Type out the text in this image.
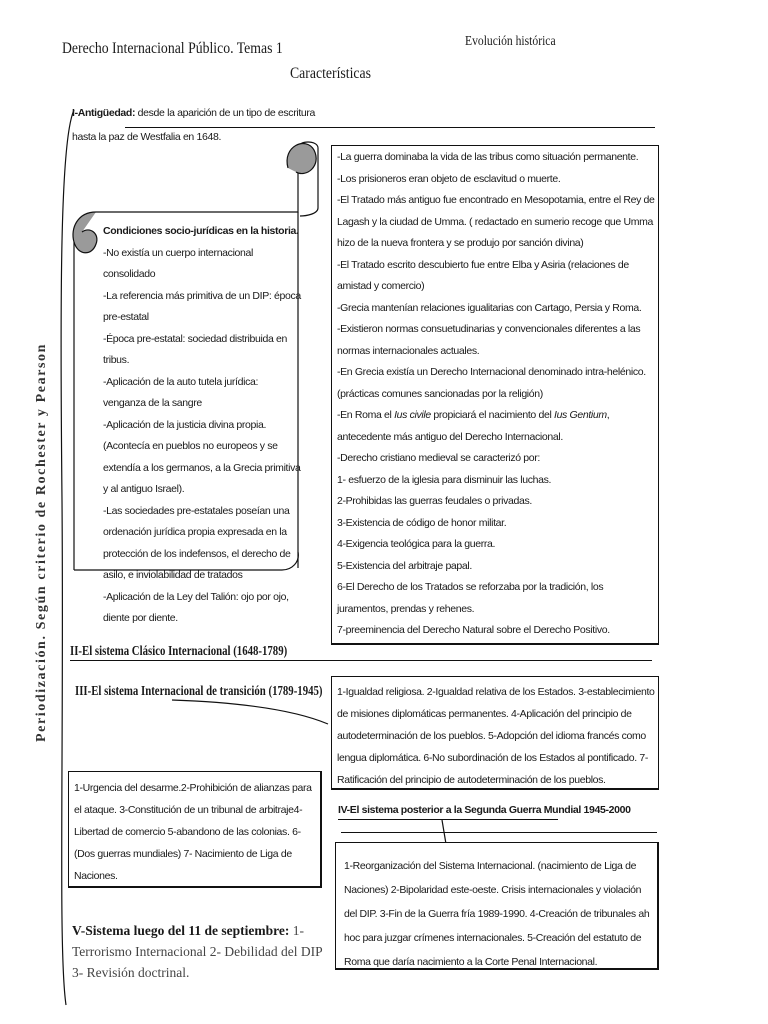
Derecho Internacional Público. Temas 1	Evolución histórica
Características
Periodización. Según criterio de Rochester y Pearson
I-Antigüedad: desde la aparición de un tipo de escritura hasta la paz de Westfalia en 1648.

Condiciones socio-jurídicas en la historia.

-No existía un cuerpo internacional consolidado

-La referencia más primitiva de un DIP: época pre-estatal

-Época pre-estatal: sociedad distribuida en tribus.

-Aplicación de la auto tutela jurídica: venganza de la sangre

-Aplicación de la justicia divina propia. (Acontecía en pueblos no europeos y se extendía a los germanos, a la Grecia primitiva y al antiguo Israel).

-Las sociedades pre-estatales poseían una ordenación jurídica propia expresada en la protección de los indefensos, el derecho de asilo, e inviolabilidad de tratados

-Aplicación de la Ley del Talión: ojo por ojo, diente por diente.

-La guerra dominaba la vida de las tribus como situación permanente.

-Los prisioneros eran objeto de esclavitud o muerte.

-El Tratado más antiguo fue encontrado en Mesopotamia, entre el Rey de Lagash y la ciudad de Umma. ( redactado en sumerio recoge que Umma hizo de la nueva frontera y se produjo por sanción divina)

-El Tratado escrito descubierto fue entre Elba y Asiria (relaciones de amistad y comercio)

-Grecia mantenían relaciones igualitarias con Cartago, Persia y Roma.

-Existieron normas consuetudinarias y convencionales diferentes a las normas internacionales actuales.

-En Grecia existía un Derecho Internacional denominado intra-helénico. (prácticas comunes sancionadas por la religión)

-En Roma el Ius civile propiciará el nacimiento del Ius Gentium, antecedente más antiguo del Derecho Internacional.

-Derecho cristiano medieval se caracterizó por:

1- esfuerzo de la iglesia para disminuir las luchas.

2-Prohibidas las guerras feudales o privadas.

3-Existencia de código de honor militar.

4-Exigencia teológica para la guerra.

5-Existencia del arbitraje papal.

6-El Derecho de los Tratados se reforzaba por la tradición, los juramentos, prendas y rehenes.

7-preeminencia del Derecho Natural sobre el Derecho Positivo.

II-El sistema Clásico Internacional (1648-1789)
III-El sistema Internacional de transición (1789-1945) 1-Igualdad religiosa. 2-Igualdad relativa de los Estados. 3-establecimiento de misiones diplomáticas permanentes. 4-Aplicación del principio de autodeterminación de los pueblos. 5-Adopción del idioma francés como lengua diplomática. 6-No subordinación de los Estados al pontificado. 7-Ratificación del principio de autodeterminación de los pueblos.
1-Urgencia del desarme.2-Prohibición de alianzas para el ataque. 3-Constitución de un tribunal de arbitraje4-Libertad de comercio 5-abandono de las colonias. 6- (Dos guerras mundiales) 7- Nacimiento de Liga de Naciones.
IV-El sistema posterior a la Segunda Guerra Mundial 1945-2000
1-Reorganización del Sistema Internacional. (nacimiento de Liga de Naciones) 2-Bipolaridad este-oeste. Crisis internacionales y violación del DIP. 3-Fin de la Guerra fría 1989-1990. 4-Creación de tribunales ah hoc para juzgar crímenes internacionales. 5-Creación del estatuto de Roma que daría nacimiento a la Corte Penal Internacional.
V-Sistema luego del 11 de septiembre: 1- Terrorismo Internacional 2- Debilidad del DIP 3- Revisión doctrinal.
